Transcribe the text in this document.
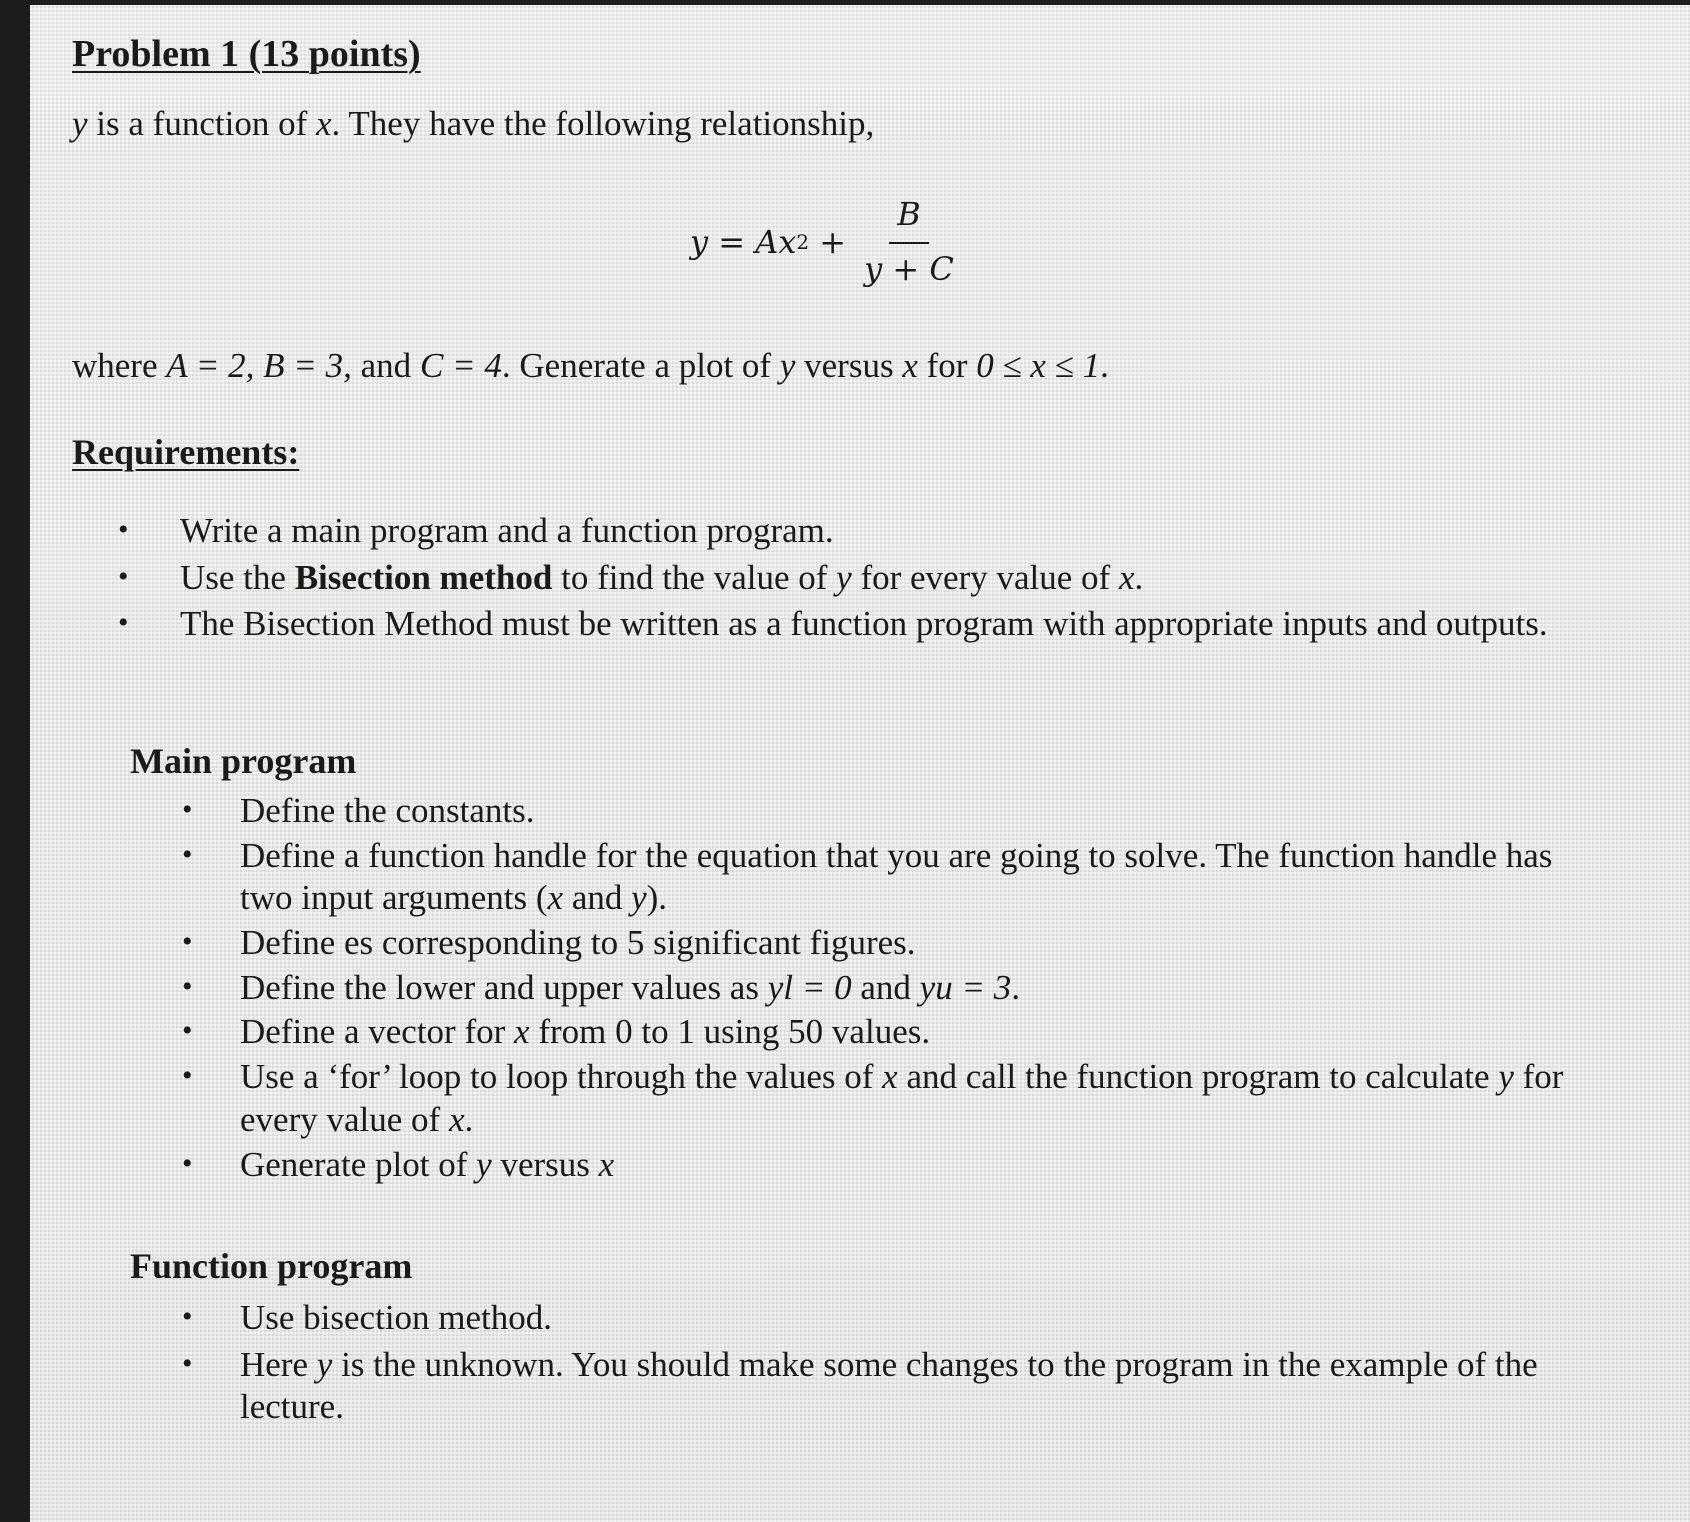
Problem 1 (13 points)

y is a function of x. They have the following relationship,

y = Ax $2 + \frac{B}{y + C}$

where A = 2, B = 3, and C = 4. Generate a plot of y versus x for 0 ≤ x ≤ 1.

Requirements:
• Write a main program and a function program.
• Use the Bisection method to find the value of y for every value of x.
• The Bisection Method must be written as a function program with appropriate inputs and outputs.
Main program
• Define the constants.
• Define a function handle for the equation that you are going to solve. The function handle has two input arguments (x and y).
• Define es corresponding to 5 significant figures.
• Define the lower and upper values as yl = 0 and yu = 3.
• Define a vector for x from 0 to 1 using 50 values.
• Use a ‘for’ loop to loop through the values of x and call the function program to calculate y for every value of x.
• Generate plot of y versus x
Function program
• Use bisection method.
• Here y is the unknown. You should make some changes to the program in the example of the lecture.
